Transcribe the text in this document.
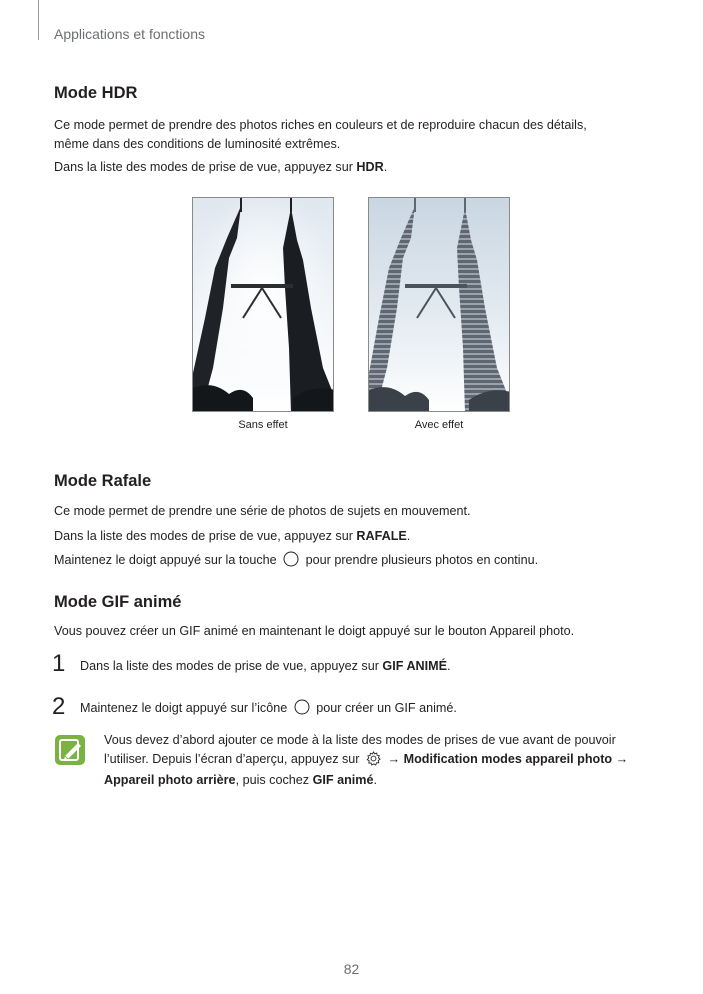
Applications et fonctions
Mode HDR
Ce mode permet de prendre des photos riches en couleurs et de reproduire chacun des détails,
même dans des conditions de luminosité extrêmes.
Dans la liste des modes de prise de vue, appuyez sur HDR.
Sans effet	Avec effet
Mode Rafale
Ce mode permet de prendre une série de photos de sujets en mouvement.
Dans la liste des modes de prise de vue, appuyez sur RAFALE.
Maintenez le doigt appuyé sur la touche  pour prendre plusieurs photos en continu.
Mode GIF animé
Vous pouvez créer un GIF animé en maintenant le doigt appuyé sur le bouton Appareil photo.
1 Dans la liste des modes de prise de vue, appuyez sur GIF ANIMÉ.
2 Maintenez le doigt appuyé sur l’icône  pour créer un GIF animé.
Vous devez d’abord ajouter ce mode à la liste des modes de prises de vue avant de pouvoir
l’utiliser. Depuis l’écran d’aperçu, appuyez sur  → Modification modes appareil photo →
Appareil photo arrière, puis cochez GIF animé.
82
